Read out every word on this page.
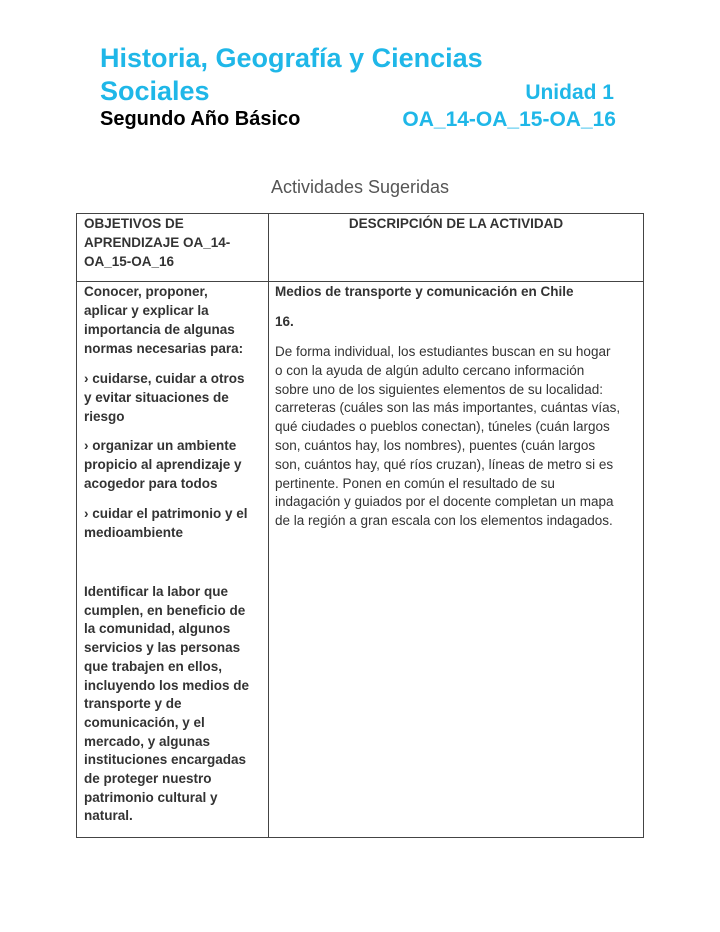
Historia, Geografía y Ciencias
Sociales	Unidad 1
Segundo Año Básico	OA_14-OA_15-OA_16
Actividades Sugeridas
OBJETIVOS DE
APRENDIZAJE OA_14-
OA_15-OA_16
DESCRIPCIÓN DE LA ACTIVIDAD
Conocer, proponer,
aplicar y explicar la
importancia de algunas
normas necesarias para:
› cuidarse, cuidar a otros
y evitar situaciones de
riesgo
› organizar un ambiente
propicio al aprendizaje y
acogedor para todos
› cuidar el patrimonio y el
medioambiente
Identificar la labor que
cumplen, en beneficio de
la comunidad, algunos
servicios y las personas
que trabajen en ellos,
incluyendo los medios de
transporte y de
comunicación, y el
mercado, y algunas
instituciones encargadas
de proteger nuestro
patrimonio cultural y
natural.
Medios de transporte y comunicación en Chile
16.
De forma individual, los estudiantes buscan en su hogar
o con la ayuda de algún adulto cercano información
sobre uno de los siguientes elementos de su localidad:
carreteras (cuáles son las más importantes, cuántas vías,
qué ciudades o pueblos conectan), túneles (cuán largos
son, cuántos hay, los nombres), puentes (cuán largos
son, cuántos hay, qué ríos cruzan), líneas de metro si es
pertinente. Ponen en común el resultado de su
indagación y guiados por el docente completan un mapa
de la región a gran escala con los elementos indagados.
